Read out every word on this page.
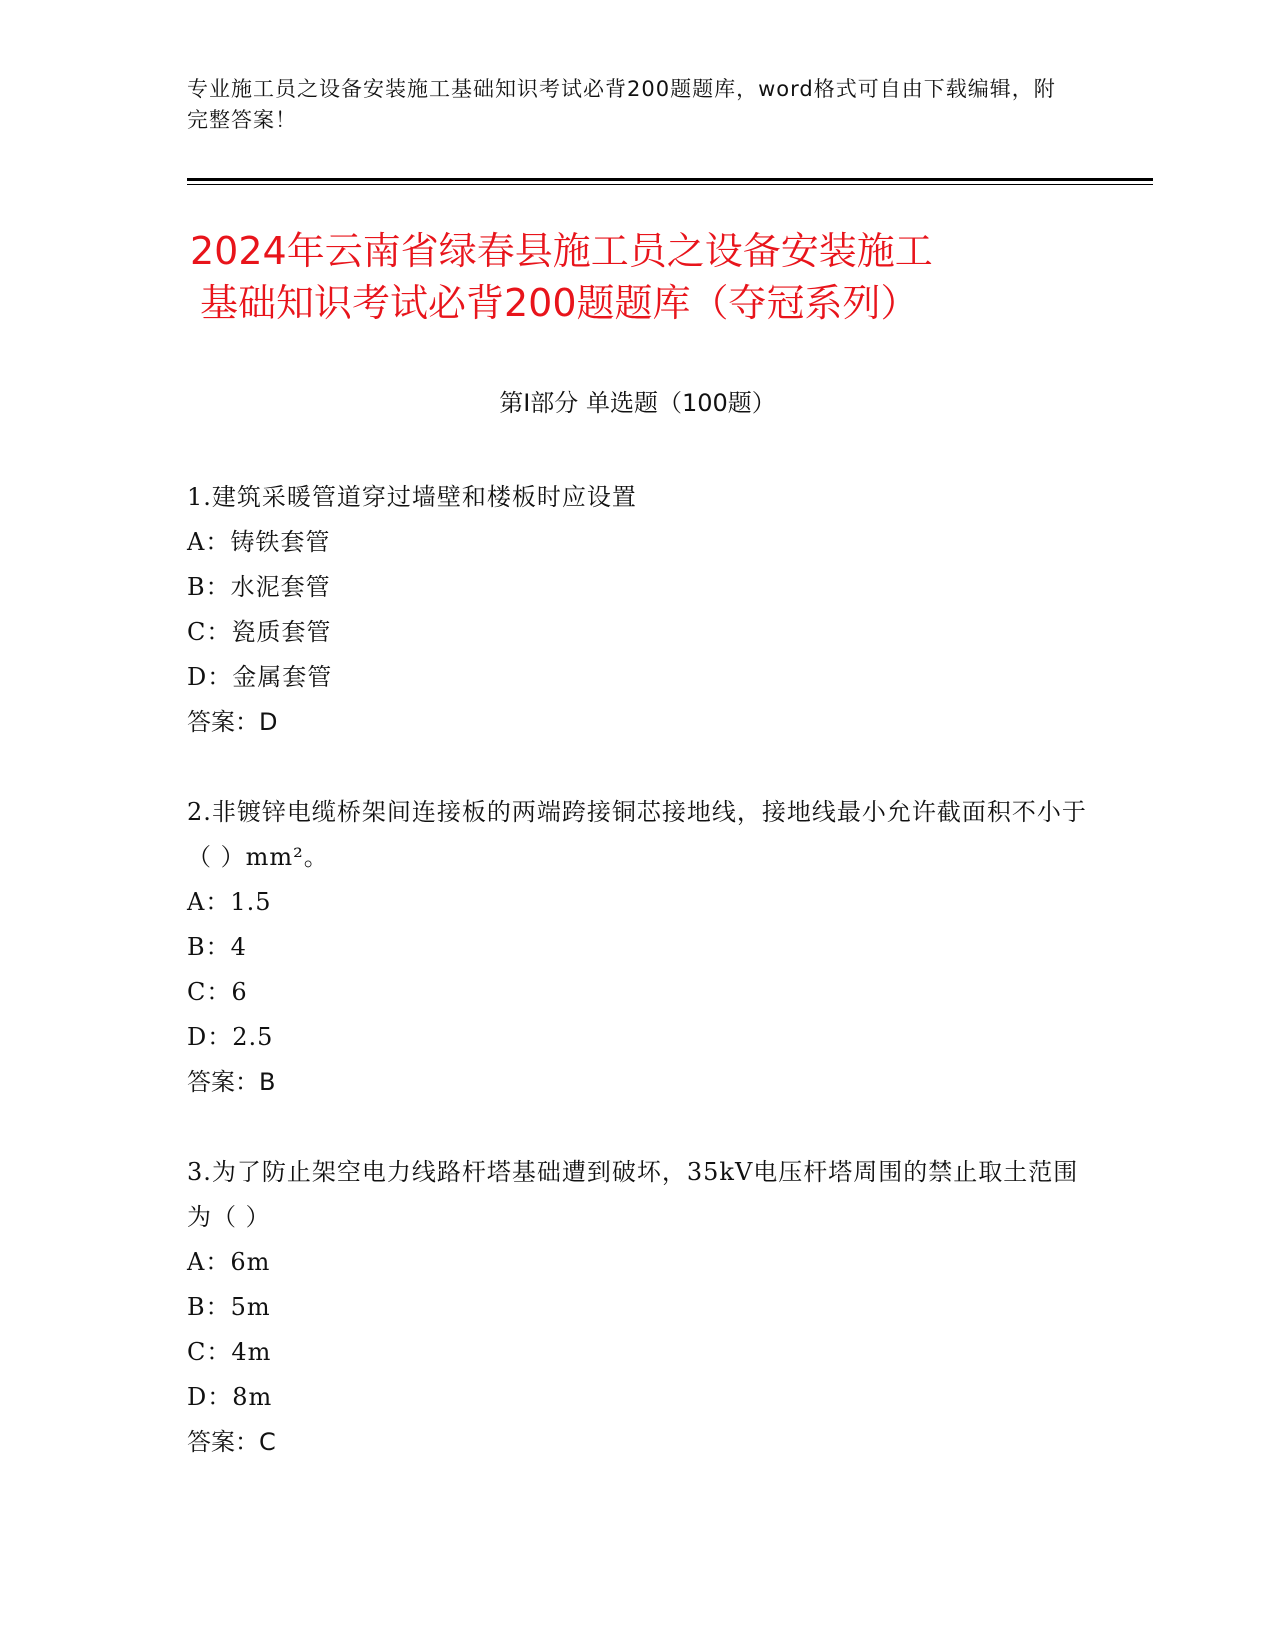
专业施工员之设备安装施工基础知识考试必背200题题库，word格式可自由下载编辑，附完整答案！
2024年云南省绿春县施工员之设备安装施工
基础知识考试必背200题题库（夺冠系列）
第Ⅰ部分 单选题（100题）
1.建筑采暖管道穿过墙壁和楼板时应设置
A：铸铁套管
B：水泥套管
C：瓷质套管
D：金属套管
答案：D
2.非镀锌电缆桥架间连接板的两端跨接铜芯接地线，接地线最小允许截面积不小于（ ）mm²。
A：1.5
B：4
C：6
D：2.5
答案：B
3.为了防止架空电力线路杆塔基础遭到破坏，35kV电压杆塔周围的禁止取土范围为（ ）
A：6m
B：5m
C：4m
D：8m
答案：C
